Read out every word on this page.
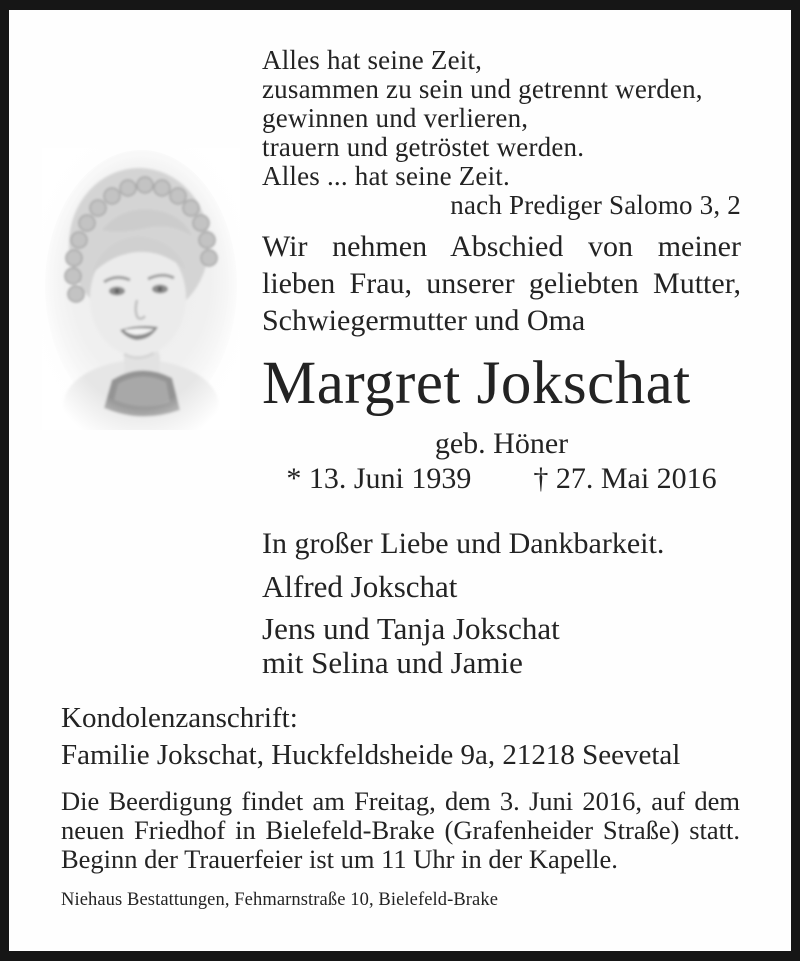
Alles hat seine Zeit,
zusammen zu sein und getrennt werden,
gewinnen und verlieren,
trauern und getröstet werden.
Alles ... hat seine Zeit.
nach Prediger Salomo 3, 2
Wir nehmen Abschied von meiner
lieben Frau, unserer geliebten Mutter,
Schwiegermutter und Oma
Margret Jokschat
geb. Höner
* 13. Juni 1939 † 27. Mai 2016
In großer Liebe und Dankbarkeit.
Alfred Jokschat
Jens und Tanja Jokschat
mit Selina und Jamie
Kondolenzanschrift:
Familie Jokschat, Huckfeldsheide 9a, 21218 Seevetal
Die Beerdigung findet am Freitag, dem 3. Juni 2016, auf dem
neuen Friedhof in Bielefeld-Brake (Grafenheider Straße) statt.
Beginn der Trauerfeier ist um 11 Uhr in der Kapelle.
Niehaus Bestattungen, Fehmarnstraße 10, Bielefeld-Brake
